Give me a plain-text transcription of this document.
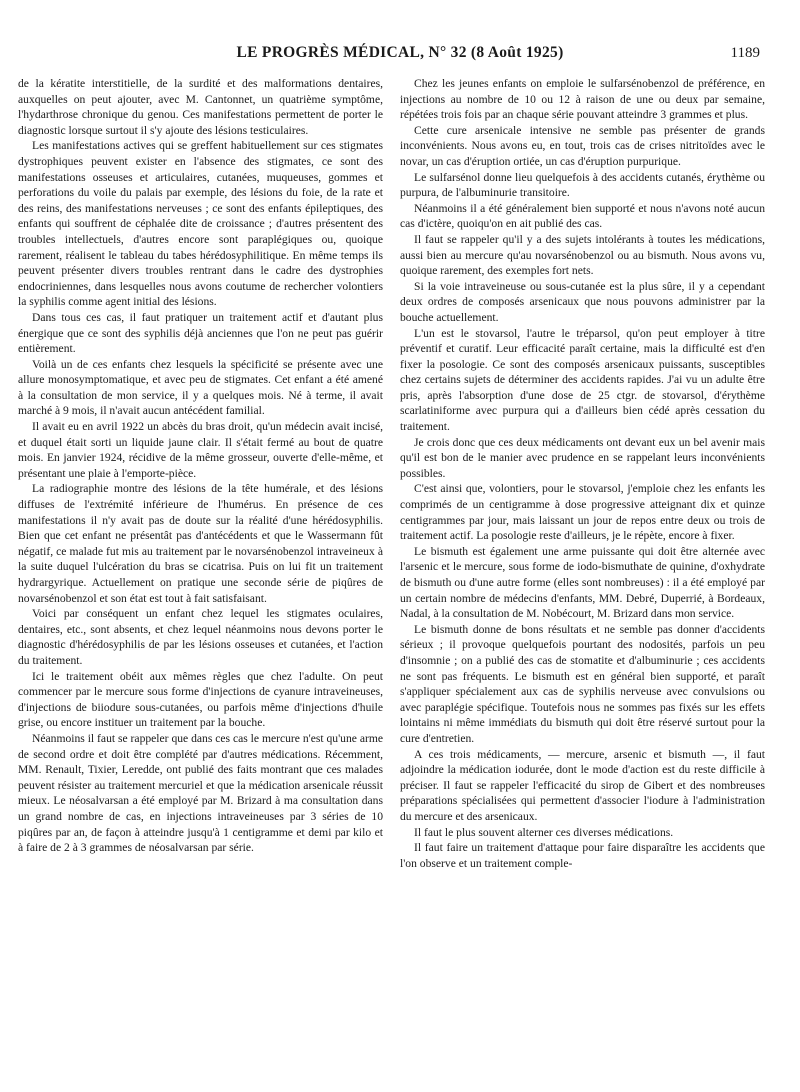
LE PROGRÈS MÉDICAL, N° 32 (8 Août 1925)	1189

de la kératite interstitielle, de la surdité et des malformations dentaires, auxquelles on peut ajouter, avec M. Cantonnet, un quatrième symptôme, l'hydarthrose chronique du genou. Ces manifestations permettent de porter le diagnostic lorsque surtout il s'y ajoute des lésions testiculaires.

Les manifestations actives qui se greffent habituellement sur ces stigmates dystrophiques peuvent exister en l'absence des stigmates, ce sont des manifestations osseuses et articulaires, cutanées, muqueuses, gommes et perforations du voile du palais par exemple, des lésions du foie, de la rate et des reins, des manifestations nerveuses ; ce sont des enfants épileptiques, des enfants qui souffrent de céphalée dite de croissance ; d'autres présentent des troubles intellectuels, d'autres encore sont paraplégiques ou, quoique rarement, réalisent le tableau du tabes hérédosyphilitique. En même temps ils peuvent présenter divers troubles rentrant dans le cadre des dystrophies endocriniennes, dans lesquelles nous avons coutume de rechercher volontiers la syphilis comme agent initial des lésions.

Dans tous ces cas, il faut pratiquer un traitement actif et d'autant plus énergique que ce sont des syphilis déjà anciennes que l'on ne peut pas guérir entièrement.

Voilà un de ces enfants chez lesquels la spécificité se présente avec une allure monosymptomatique, et avec peu de stigmates. Cet enfant a été amené à la consultation de mon service, il y a quelques mois. Né à terme, il avait marché à 9 mois, il n'avait aucun antécédent familial.

Il avait eu en avril 1922 un abcès du bras droit, qu'un médecin avait incisé, et duquel était sorti un liquide jaune clair. Il s'était fermé au bout de quatre mois. En janvier 1924, récidive de la même grosseur, ouverte d'elle-même, et présentant une plaie à l'emporte-pièce.

La radiographie montre des lésions de la tête humérale, et des lésions diffuses de l'extrémité inférieure de l'humérus. En présence de ces manifestations il n'y avait pas de doute sur la réalité d'une hérédosyphilis. Bien que cet enfant ne présentât pas d'antécédents et que le Wassermann fût négatif, ce malade fut mis au traitement par le novarsénobenzol intraveineux à la suite duquel l'ulcération du bras se cicatrisa. Puis on lui fit un traitement hydrargyrique. Actuellement on pratique une seconde série de piqûres de novarsénobenzol et son état est tout à fait satisfaisant.

Voici par conséquent un enfant chez lequel les stigmates oculaires, dentaires, etc., sont absents, et chez lequel néanmoins nous devons porter le diagnostic d'hérédosyphilis de par les lésions osseuses et cutanées, et l'action du traitement.

Ici le traitement obéit aux mêmes règles que chez l'adulte. On peut commencer par le mercure sous forme d'injections de cyanure intraveineuses, d'injections de biiodure sous-cutanées, ou parfois même d'injections d'huile grise, ou encore instituer un traitement par la bouche.

Néanmoins il faut se rappeler que dans ces cas le mercure n'est qu'une arme de second ordre et doit être complété par d'autres médications. Récemment, MM. Renault, Tixier, Leredde, ont publié des faits montrant que ces malades peuvent résister au traitement mercuriel et que la médication arsenicale réussit mieux. Le néosalvarsan a été employé par M. Brizard à ma consultation dans un grand nombre de cas, en injections intraveineuses par 3 séries de 10 piqûres par an, de façon à atteindre jusqu'à 1 centigramme et demi par kilo et à faire de 2 à 3 grammes de néosalvarsan par série.

Chez les jeunes enfants on emploie le sulfarsénobenzol de préférence, en injections au nombre de 10 ou 12 à raison de une ou deux par semaine, répétées trois fois par an chaque série pouvant atteindre 3 grammes et plus.

Cette cure arsenicale intensive ne semble pas présenter de grands inconvénients. Nous avons eu, en tout, trois cas de crises nitritoïdes avec le novar, un cas d'éruption ortiée, un cas d'éruption purpurique.

Le sulfarsénol donne lieu quelquefois à des accidents cutanés, érythème ou purpura, de l'albuminurie transitoire.

Néanmoins il a été généralement bien supporté et nous n'avons noté aucun cas d'ictère, quoiqu'on en ait publié des cas.

Il faut se rappeler qu'il y a des sujets intolérants à toutes les médications, aussi bien au mercure qu'au novarsénobenzol ou au bismuth. Nous avons vu, quoique rarement, des exemples fort nets.

Si la voie intraveineuse ou sous-cutanée est la plus sûre, il y a cependant deux ordres de composés arsenicaux que nous pouvons administrer par la bouche actuellement.

L'un est le stovarsol, l'autre le tréparsol, qu'on peut employer à titre préventif et curatif. Leur efficacité paraît certaine, mais la difficulté est d'en fixer la posologie. Ce sont des composés arsenicaux puissants, susceptibles chez certains sujets de déterminer des accidents rapides. J'ai vu un adulte être pris, après l'absorption d'une dose de 25 ctgr. de stovarsol, d'érythème scarlatiniforme avec purpura qui a d'ailleurs bien cédé après cessation du traitement.

Je crois donc que ces deux médicaments ont devant eux un bel avenir mais qu'il est bon de le manier avec prudence en se rappelant leurs inconvénients possibles.

C'est ainsi que, volontiers, pour le stovarsol, j'emploie chez les enfants les comprimés de un centigramme à dose progressive atteignant dix et quinze centigrammes par jour, mais laissant un jour de repos entre deux ou trois de traitement actif. La posologie reste d'ailleurs, je le répète, encore à fixer.

Le bismuth est également une arme puissante qui doit être alternée avec l'arsenic et le mercure, sous forme de iodo-bismuthate de quinine, d'oxhydrate de bismuth ou d'une autre forme (elles sont nombreuses) : il a été employé par un certain nombre de médecins d'enfants, MM. Debré, Duperrié, à Bordeaux, Nadal, à la consultation de M. Nobécourt, M. Brizard dans mon service.

Le bismuth donne de bons résultats et ne semble pas donner d'accidents sérieux ; il provoque quelquefois pourtant des nodosités, parfois un peu d'insomnie ; on a publié des cas de stomatite et d'albuminurie ; ces accidents ne sont pas fréquents. Le bismuth est en général bien supporté, et paraît s'appliquer spécialement aux cas de syphilis nerveuse avec convulsions ou avec paraplégie spécifique. Toutefois nous ne sommes pas fixés sur les effets lointains ni même immédiats du bismuth qui doit être réservé surtout pour la cure d'entretien.

A ces trois médicaments, — mercure, arsenic et bismuth —, il faut adjoindre la médication iodurée, dont le mode d'action est du reste difficile à préciser. Il faut se rappeler l'efficacité du sirop de Gibert et des nombreuses préparations spécialisées qui permettent d'associer l'iodure à l'administration du mercure et des arsenicaux.

Il faut le plus souvent alterner ces diverses médications.

Il faut faire un traitement d'attaque pour faire disparaître les accidents que l'on observe et un traitement comple-
